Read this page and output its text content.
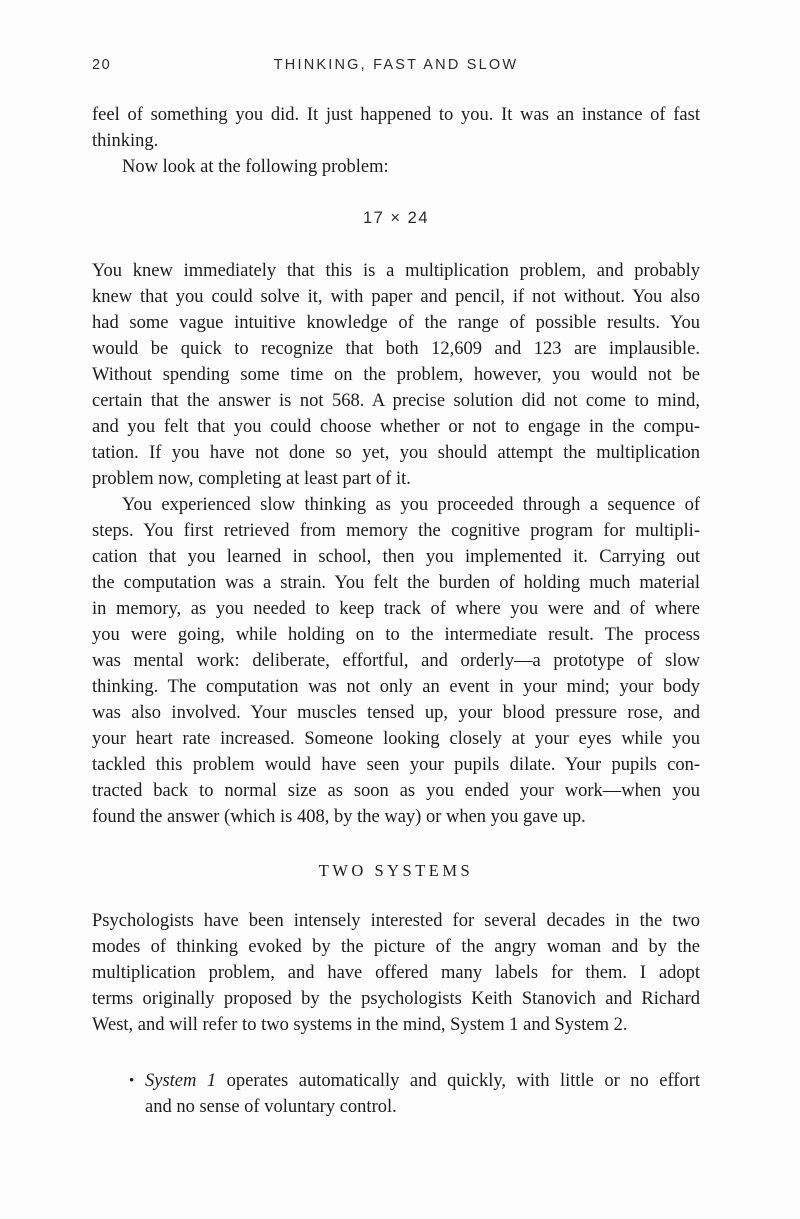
20	THINKING, FAST AND SLOW
feel of something you did. It just happened to you. It was an instance of fast
thinking.
Now look at the following problem:
17 × 24
You knew immediately that this is a multiplication problem, and probably
knew that you could solve it, with paper and pencil, if not without. You also
had some vague intuitive knowledge of the range of possible results. You
would be quick to recognize that both 12,609 and 123 are implausible.
Without spending some time on the problem, however, you would not be
certain that the answer is not 568. A precise solution did not come to mind,
and you felt that you could choose whether or not to engage in the compu-
tation. If you have not done so yet, you should attempt the multiplication
problem now, completing at least part of it.
You experienced slow thinking as you proceeded through a sequence of
steps. You first retrieved from memory the cognitive program for multipli-
cation that you learned in school, then you implemented it. Carrying out
the computation was a strain. You felt the burden of holding much material
in memory, as you needed to keep track of where you were and of where
you were going, while holding on to the intermediate result. The process
was mental work: deliberate, effortful, and orderly—a prototype of slow
thinking. The computation was not only an event in your mind; your body
was also involved. Your muscles tensed up, your blood pressure rose, and
your heart rate increased. Someone looking closely at your eyes while you
tackled this problem would have seen your pupils dilate. Your pupils con-
tracted back to normal size as soon as you ended your work—when you
found the answer (which is 408, by the way) or when you gave up.
TWO SYSTEMS
Psychologists have been intensely interested for several decades in the two
modes of thinking evoked by the picture of the angry woman and by the
multiplication problem, and have offered many labels for them. I adopt
terms originally proposed by the psychologists Keith Stanovich and Richard
West, and will refer to two systems in the mind, System 1 and System 2.
• System 1 operates automatically and quickly, with little or no effort
and no sense of voluntary control.
